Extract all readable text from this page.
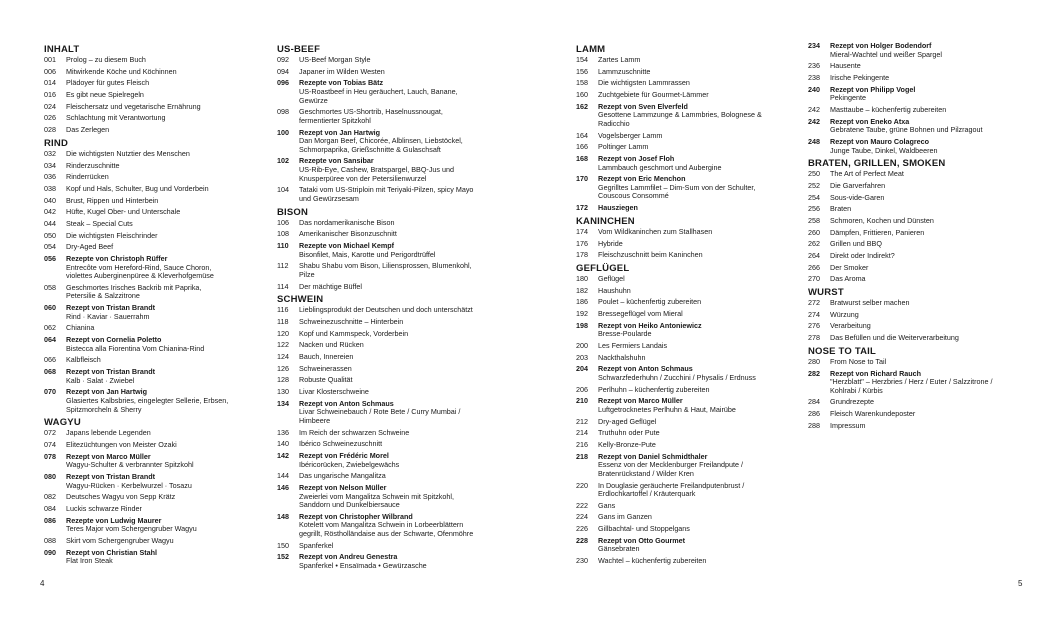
INHALT
001	Prolog – zu diesem Buch
006	Mitwirkende Köche und Köchinnen
014	Plädoyer für gutes Fleisch
016	Es gibt neue Spielregeln
024	Fleischersatz und vegetarische Ernährung
026	Schlachtung mit Verantwortung
028	Das Zerlegen
RIND
032	Die wichtigsten Nutztier des Menschen
034	Rinderzuschnitte
036	Rinderrücken
038	Kopf und Hals, Schulter, Bug und Vorderbein
040	Brust, Rippen und Hinterbein
042	Hüfte, Kugel Ober- und Unterschale
044	Steak – Special Cuts
050	Die wichtigsten Fleischrinder
054	Dry-Aged Beef
056	Rezepte von Christoph Rüffer
Entrecôte vom Hereford-Rind, Sauce Choron,
violettes Auberginenpüree & Kleverhofgemüse
058	Geschmortes Irisches Backrib mit Paprika,
Petersilie & Salzzitrone
060	Rezept von Tristan Brandt
Rind · Kaviar · Sauerrahm
062	Chianina
064	Rezept von Cornelia Poletto
Bistecca alla Fiorentina Vom Chianina-Rind
066	Kalbfleisch
068	Rezept von Tristan Brandt
Kalb · Salat · Zwiebel
070	Rezept von Jan Hartwig
Glasiertes Kalbsbries, eingelegter Sellerie, Erbsen,
Spitzmorcheln & Sherry
WAGYU
072	Japans lebende Legenden
074	Elitezüchtungen von Meister Ozaki
078	Rezept von Marco Müller
Wagyu-Schulter & verbrannter Spitzkohl
080	Rezept von Tristan Brandt
Wagyu-Rücken · Kerbelwurzel · Tosazu
082	Deutsches Wagyu von Sepp Krätz
084	Luckis schwarze Rinder
086	Rezepte von Ludwig Maurer
Teres Major vom Schergengruber Wagyu
088	Skirt vom Schergengruber Wagyu
090	Rezept von Christian Stahl
Flat Iron Steak
US-BEEF
092	US-Beef Morgan Style
094	Japaner im Wilden Westen
096	Rezepte von Tobias Bätz
US-Roastbeef in Heu geräuchert, Lauch, Banane,
Gewürze
098	Geschmortes US-Shortrib, Haselnussnougat,
fermentierter Spitzkohl
100	Rezept von Jan Hartwig
Dan Morgan Beef, Chicorée, Alblinsen, Liebstöckel,
Schmorpaprika, Grießschnitte & Gulaschsaft
102	Rezepte von Sansibar
US-Rib-Eye, Cashew, Bratspargel, BBQ-Jus und
Knusperpüree von der Petersilienwurzel
104	Tataki vom US-Striploin mit Teriyaki-Pilzen, spicy Mayo
und Gewürzsesam
BISON
106	Das nordamerikanische Bison
108	Amerikanischer Bisonzuschnitt
110	Rezepte von Michael Kempf
Bisonfilet, Mais, Karotte und Perigordtrüffel
112	Shabu Shabu vom Bison, Liliensprossen, Blumenkohl,
Pilze
114	Der mächtige Büffel
SCHWEIN
116	Lieblingsprodukt der Deutschen und doch unterschätzt
118	Schweinezuschnitte – Hinterbein
120	Kopf und Kammspeck, Vorderbein
122	Nacken und Rücken
124	Bauch, Innereien
126	Schweinerassen
128	Robuste Qualität
130	Livar Klosterschweine
134	Rezept von Anton Schmaus
Livar Schweinebauch / Rote Bete / Curry Mumbai /
Himbeere
136	Im Reich der schwarzen Schweine
140	Ibérico Schweinezuschnitt
142	Rezept von Frédéric Morel
Ibéricorücken, Zwiebelgewächs
144	Das ungarische Mangalitza
146	Rezept von Nelson Müller
Zweierlei vom Mangalitza Schwein mit Spitzkohl,
Sanddorn und Dunkelbiersauce
148	Rezept von Christopher Wilbrand
Kotelett vom Mangalitza Schwein in Lorbeerblättern
gegrillt, Röstholländaise aus der Schwarte, Ofenmöhre
150	Spanferkel
152	Rezept von Andreu Genestra
Spanferkel • Ensaïmada • Gewürzasche
LAMM
154	Zartes Lamm
156	Lammzuschnitte
158	Die wichtigsten Lammrassen
160	Zuchtgebiete für Gourmet-Lämmer
162	Rezept von Sven Elverfeld
Gesottene Lammzunge & Lammbries, Bolognese &
Radicchio
164	Vogelsberger Lamm
166	Poltinger Lamm
168	Rezept von Josef Floh
Lammbauch geschmort und Aubergine
170	Rezept von Eric Menchon
Gegrilltes Lammfilet – Dim-Sum von der Schulter,
Couscous Consommé
172	Hausziegen
KANINCHEN
174	Vom Wildkaninchen zum Stallhasen
176	Hybride
178	Fleischzuschnitt beim Kaninchen
GEFLÜGEL
180	Geflügel
182	Haushuhn
186	Poulet – küchenfertig zubereiten
192	Bressegeflügel vom Mieral
198	Rezept von Heiko Antoniewicz
Bresse-Poularde
200	Les Fermiers Landais
203	Nackthalshuhn
204	Rezept von Anton Schmaus
Schwarzfederhuhn / Zucchini / Physalis / Erdnuss
206	Perlhuhn – küchenfertig zubereiten
210	Rezept von Marco Müller
Luftgetrocknetes Perlhuhn & Haut, Mairübe
212	Dry-aged Geflügel
214	Truthuhn oder Pute
216	Kelly-Bronze-Pute
218	Rezept von Daniel Schmidthaler
Essenz von der Mecklenburger Freilandpute /
Bratenrückstand / Wilder Kren
220	In Douglasie geräucherte Freilandputenbrust /
Erdlochkartoffel / Kräuterquark
222	Gans
224	Gans im Ganzen
226	Gillbachtal- und Stoppelgans
228	Rezept von Otto Gourmet
Gänsebraten
230	Wachtel – küchenfertig zubereiten
234	Rezept von Holger Bodendorf
Mieral-Wachtel und weißer Spargel
236	Hausente
238	Irische Pekingente
240	Rezept von Philipp Vogel
Pekingente
242	Masttaube – küchenfertig zubereiten
242	Rezept von Eneko Atxa
Gebratene Taube, grüne Bohnen und Pilzragout
248	Rezept von Mauro Colagreco
Junge Taube, Dinkel, Waldbeeren
BRATEN, GRILLEN, SMOKEN
250	The Art of Perfect Meat
252	Die Garverfahren
254	Sous-vide-Garen
256	Braten
258	Schmoren, Kochen und Dünsten
260	Dämpfen, Frittieren, Panieren
262	Grillen und BBQ
264	Direkt oder Indirekt?
266	Der Smoker
270	Das Aroma
WURST
272	Bratwurst selber machen
274	Würzung
276	Verarbeitung
278	Das Befüllen und die Weiterverarbeitung
NOSE TO TAIL
280	From Nose to Tail
282	Rezept von Richard Rauch
"Herzblatt" – Herzbries / Herz / Euter / Salzzitrone /
Kohlrabi / Kürbis
284	Grundrezepte
286	Fleisch Warenkundeposter
288	Impressum
4	5
